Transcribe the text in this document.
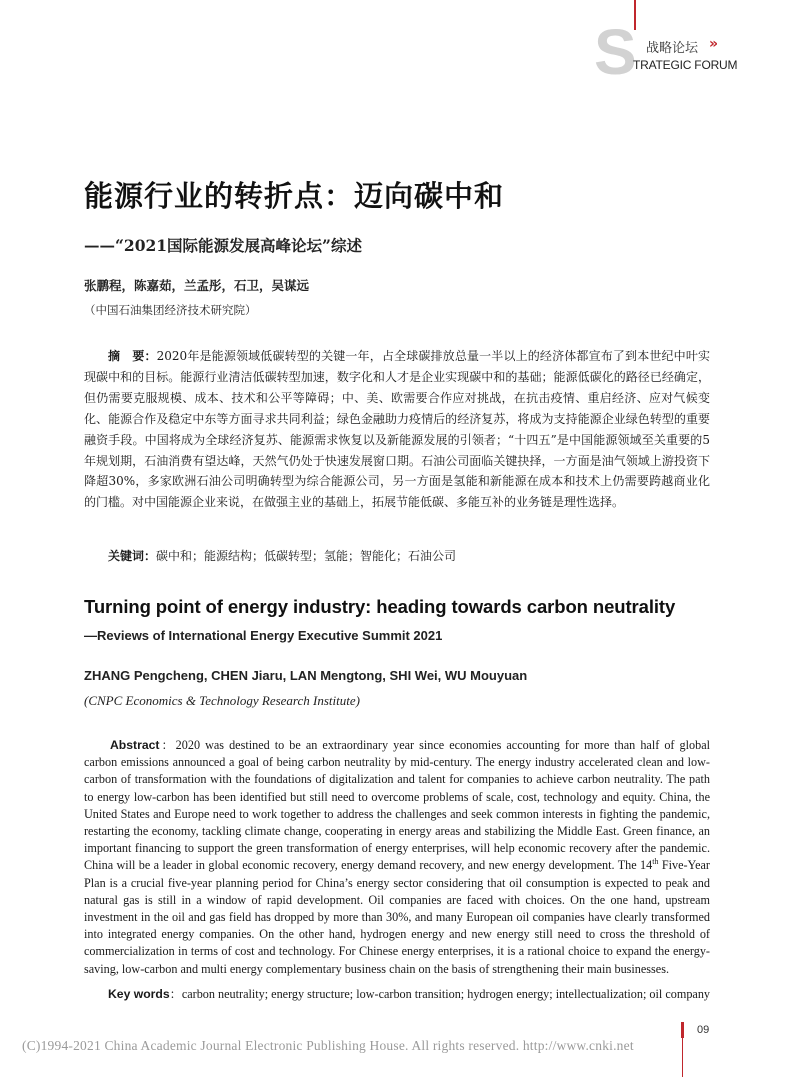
S 战略论坛 »
TRATEGIC FORUM
能源行业的转折点：迈向碳中和
——“2021国际能源发展高峰论坛”综述
张鹏程，陈嘉茹，兰孟彤，石卫，吴谋远
（中国石油集团经济技术研究院）

摘　要：2020年是能源领域低碳转型的关键一年，占全球碳排放总量一半以上的经济体都宣布了到本世纪中叶实现碳中和的目标。能源行业清洁低碳转型加速，数字化和人才是企业实现碳中和的基础；能源低碳化的路径已经确定，但仍需要克服规模、成本、技术和公平等障碍；中、美、欧需要合作应对挑战，在抗击疫情、重启经济、应对气候变化、能源合作及稳定中东等方面寻求共同利益；绿色金融助力疫情后的经济复苏，将成为支持能源企业绿色转型的重要融资手段。中国将成为全球经济复苏、能源需求恢复以及新能源发展的引领者；“十四五”是中国能源领域至关重要的5年规划期，石油消费有望达峰，天然气仍处于快速发展窗口期。石油公司面临关键抉择，一方面是油气领域上游投资下降超30%，多家欧洲石油公司明确转型为综合能源公司，另一方面是氢能和新能源在成本和技术上仍需要跨越商业化的门槛。对中国能源企业来说，在做强主业的基础上，拓展节能低碳、多能互补的业务链是理性选择。

关键词：碳中和；能源结构；低碳转型；氢能；智能化；石油公司
Turning point of energy industry: heading towards carbon neutrality
—Reviews of International Energy Executive Summit 2021
ZHANG Pengcheng, CHEN Jiaru, LAN Mengtong, SHI Wei, WU Mouyuan
(CNPC Economics & Technology Research Institute)

Abstract：2020 was destined to be an extraordinary year since economies accounting for more than half of global carbon emissions announced a goal of being carbon neutrality by mid-century. The energy industry accelerated clean and low-carbon of transformation with the foundations of digitalization and talent for companies to achieve carbon neutrality. The path to energy low-carbon has been identified but still need to overcome problems of scale, cost, technology and equity. China, the United States and Europe need to work together to address the challenges and seek common interests in fighting the pandemic, restarting the economy, tackling climate change, cooperating in energy areas and stabilizing the Middle East. Green finance, an important financing to support the green transformation of energy enterprises, will help economic recovery after the pandemic. China will be a leader in global economic recovery, energy demand recovery, and new energy development. The 14th Five-Year Plan is a crucial five-year planning period for China’s energy sector considering that oil consumption is expected to peak and natural gas is still in a window of rapid development. Oil companies are faced with choices. On the one hand, upstream investment in the oil and gas field has dropped by more than 30%, and many European oil companies have clearly transformed into integrated energy companies. On the other hand, hydrogen energy and new energy still need to cross the threshold of commercialization in terms of cost and technology. For Chinese energy enterprises, it is a rational choice to expand the energy-saving, low-carbon and multi energy complementary business chain on the basis of strengthening their main businesses.

Key words：carbon neutrality; energy structure; low-carbon transition; hydrogen energy; intellectualization; oil company
09
(C)1994-2021 China Academic Journal Electronic Publishing House. All rights reserved. http://www.cnki.net
